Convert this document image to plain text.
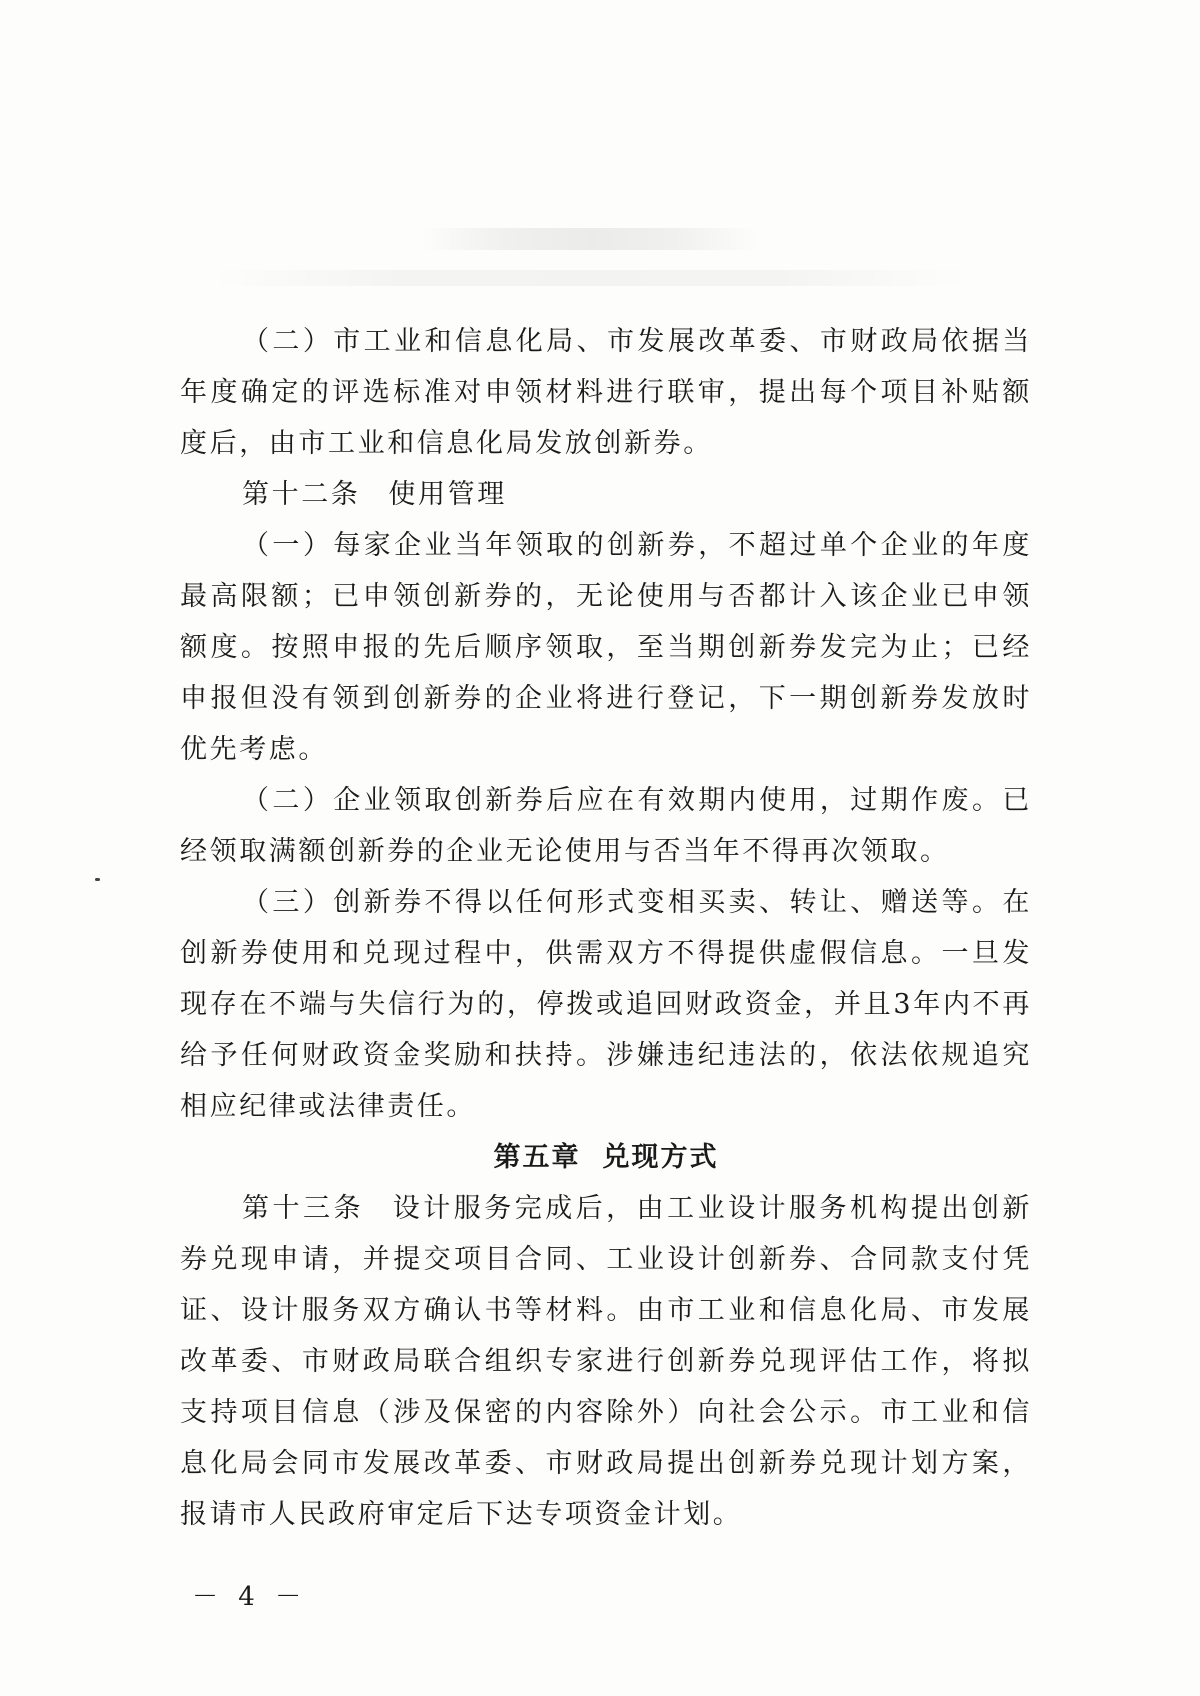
（二）市工业和信息化局、市发展改革委、市财政局依据当年度确定的评选标准对申领材料进行联审，提出每个项目补贴额度后，由市工业和信息化局发放创新券。

第十二条 使用管理

（一）每家企业当年领取的创新券，不超过单个企业的年度最高限额；已申领创新券的，无论使用与否都计入该企业已申领额度。按照申报的先后顺序领取，至当期创新券发完为止；已经申报但没有领到创新券的企业将进行登记，下一期创新券发放时优先考虑。

（二）企业领取创新券后应在有效期内使用，过期作废。已经领取满额创新券的企业无论使用与否当年不得再次领取。

（三）创新券不得以任何形式变相买卖、转让、赠送等。在创新券使用和兑现过程中，供需双方不得提供虚假信息。一旦发现存在不端与失信行为的，停拨或追回财政资金，并且3年内不再给予任何财政资金奖励和扶持。涉嫌违纪违法的，依法依规追究相应纪律或法律责任。

第五章 兑现方式

第十三条 设计服务完成后，由工业设计服务机构提出创新券兑现申请，并提交项目合同、工业设计创新券、合同款支付凭证、设计服务双方确认书等材料。由市工业和信息化局、市发展改革委、市财政局联合组织专家进行创新券兑现评估工作，将拟支持项目信息（涉及保密的内容除外）向社会公示。市工业和信息化局会同市发展改革委、市财政局提出创新券兑现计划方案，报请市人民政府审定后下达专项资金计划。

－ 4 －
